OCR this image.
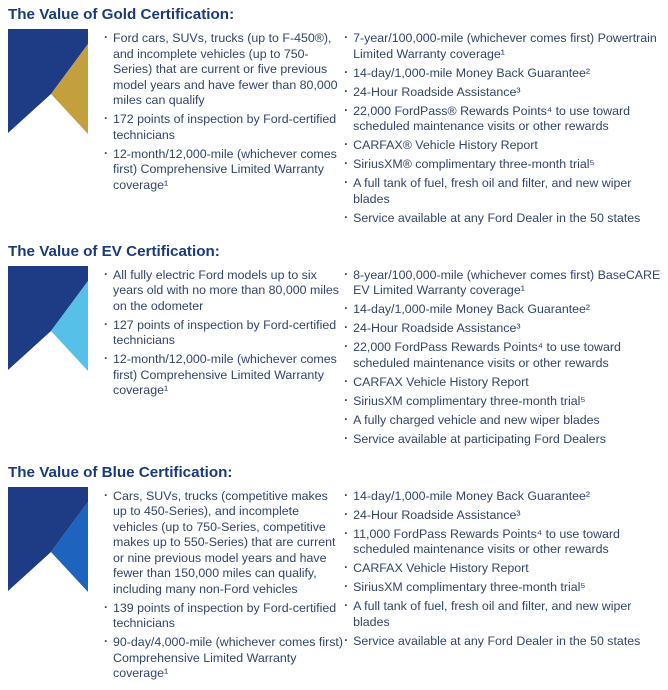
The Value of Gold Certification:
· Ford cars, SUVs, trucks (up to F-450®), and incomplete vehicles (up to 750-Series) that are current or five previous model years and have fewer than 80,000 miles can qualify
· 172 points of inspection by Ford-certified technicians
· 12-month/12,000-mile (whichever comes first) Comprehensive Limited Warranty coverage¹
· 7-year/100,000-mile (whichever comes first) Powertrain Limited Warranty coverage¹
· 14-day/1,000-mile Money Back Guarantee²
· 24-Hour Roadside Assistance³
· 22,000 FordPass® Rewards Points⁴ to use toward scheduled maintenance visits or other rewards
· CARFAX® Vehicle History Report
· SiriusXM® complimentary three-month trial⁵
· A full tank of fuel, fresh oil and filter, and new wiper blades
· Service available at any Ford Dealer in the 50 states
The Value of EV Certification:
· All fully electric Ford models up to six years old with no more than 80,000 miles on the odometer
· 127 points of inspection by Ford-certified technicians
· 12-month/12,000-mile (whichever comes first) Comprehensive Limited Warranty coverage¹
· 8-year/100,000-mile (whichever comes first) BaseCARE EV Limited Warranty coverage¹
· 14-day/1,000-mile Money Back Guarantee²
· 24-Hour Roadside Assistance³
· 22,000 FordPass Rewards Points⁴ to use toward scheduled maintenance visits or other rewards
· CARFAX Vehicle History Report
· SiriusXM complimentary three-month trial⁵
· A fully charged vehicle and new wiper blades
· Service available at participating Ford Dealers
The Value of Blue Certification:
· Cars, SUVs, trucks (competitive makes up to 450-Series), and incomplete vehicles (up to 750-Series, competitive makes up to 550-Series) that are current or nine previous model years and have fewer than 150,000 miles can qualify, including many non-Ford vehicles
· 139 points of inspection by Ford-certified technicians
· 90-day/4,000-mile (whichever comes first) Comprehensive Limited Warranty coverage¹
· 14-day/1,000-mile Money Back Guarantee²
· 24-Hour Roadside Assistance³
· 11,000 FordPass Rewards Points⁴ to use toward scheduled maintenance visits or other rewards
· CARFAX Vehicle History Report
· SiriusXM complimentary three-month trial⁵
· A full tank of fuel, fresh oil and filter, and new wiper blades
· Service available at any Ford Dealer in the 50 states
